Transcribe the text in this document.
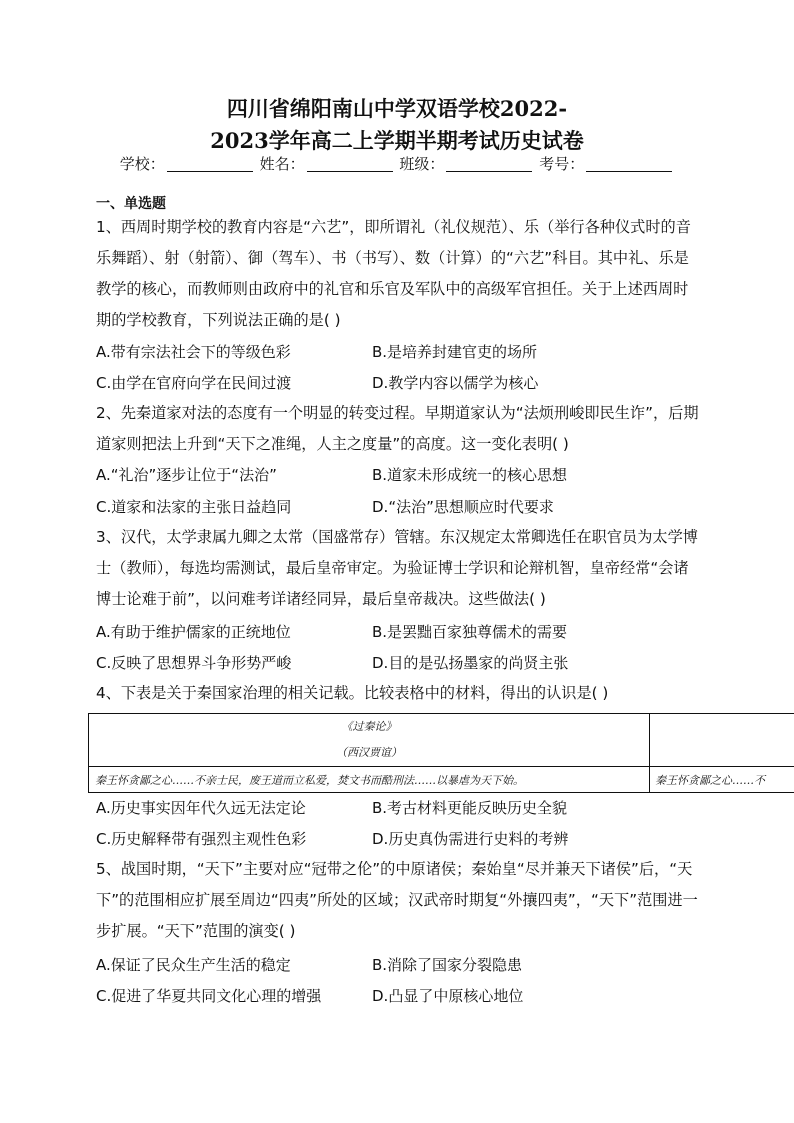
四川省绵阳南山中学双语学校2022-
2023学年高二上学期半期考试历史试卷
学校：	姓名：	班级：	考号：
一、单选题

1、西周时期学校的教育内容是“六艺”，即所谓礼（礼仪规范）、乐（举行各种仪式时的音乐舞蹈）、射（射箭）、御（驾车）、书（书写）、数（计算）的“六艺”科目。其中礼、乐是教学的核心，而教师则由政府中的礼官和乐官及军队中的高级军官担任。关于上述西周时期的学校教育，下列说法正确的是( )

A.带有宗法社会下的等级色彩	B.是培养封建官吏的场所
C.由学在官府向学在民间过渡	D.教学内容以儒学为核心

2、先秦道家对法的态度有一个明显的转变过程。早期道家认为“法烦刑峻即民生诈”，后期道家则把法上升到“天下之准绳，人主之度量”的高度。这一变化表明( )

A.“礼治”逐步让位于“法治”	B.道家未形成统一的核心思想
C.道家和法家的主张日益趋同	D.“法治”思想顺应时代要求

3、汉代，太学隶属九卿之太常（国盛常存）管辖。东汉规定太常卿选任在职官员为太学博士（教师），每选均需测试，最后皇帝审定。为验证博士学识和论辩机智，皇帝经常“会诸博士论难于前”，以问难考详诸经同异，最后皇帝裁决。这些做法( )

A.有助于维护儒家的正统地位	B.是罢黜百家独尊儒术的需要
C.反映了思想界斗争形势严峻	D.目的是弘扬墨家的尚贤主张

4、下表是关于秦国家治理的相关记载。比较表格中的材料，得出的认识是( )

《过秦论》
（西汉贾谊）
秦王怀贪鄙之心……不亲士民，废王道而立私爱，焚文书而酷刑法……以暴虐为天下始。	秦王怀贪鄙之心……不
A.历史事实因年代久远无法定论	B.考古材料更能反映历史全貌
C.历史解释带有强烈主观性色彩	D.历史真伪需进行史料的考辨

5、战国时期，“天下”主要对应“冠带之伦”的中原诸侯；秦始皇“尽并兼天下诸侯”后，“天下”的范围相应扩展至周边“四夷”所处的区域；汉武帝时期复“外攘四夷”，“天下”范围进一步扩展。“天下”范围的演变( )

A.保证了民众生产生活的稳定	B.消除了国家分裂隐患
C.促进了华夏共同文化心理的增强	D.凸显了中原核心地位
